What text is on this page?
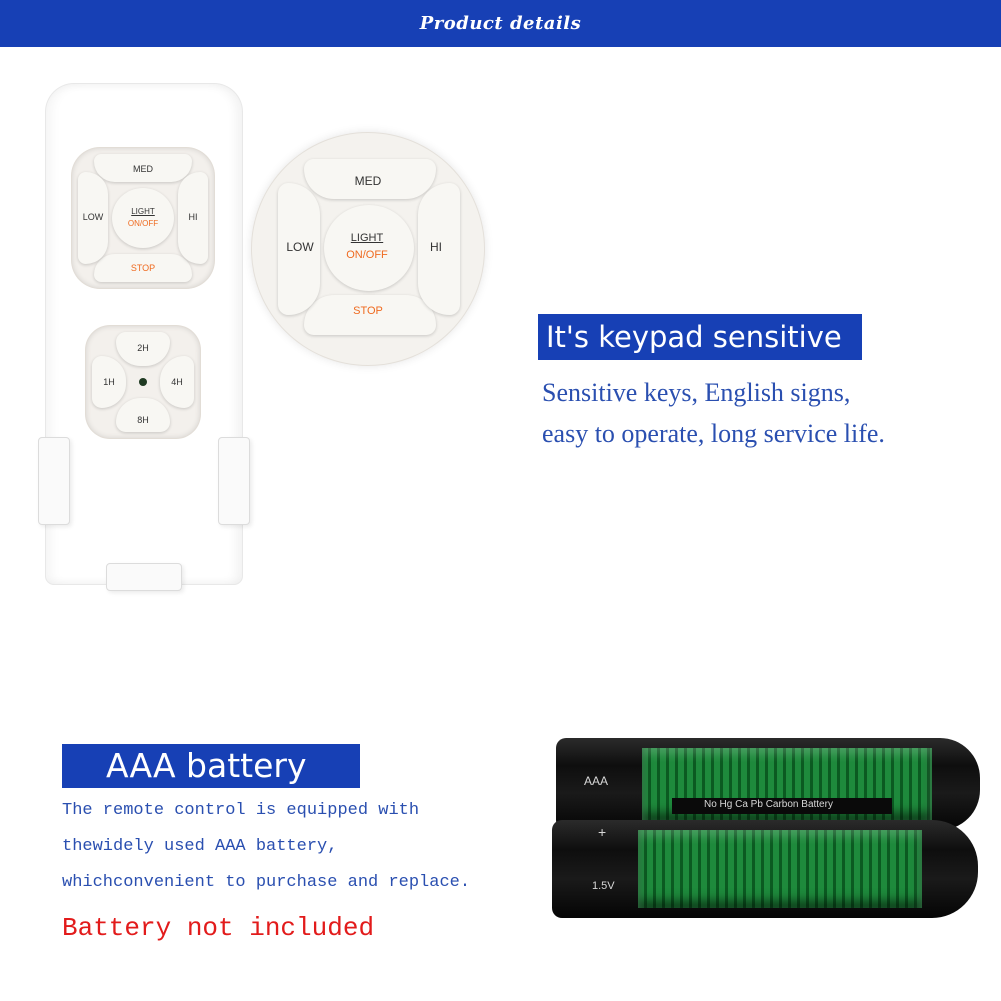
Product details
MED
STOP
LOW	HI
LIGHT
ON/OFF
2H
8H
1H	4H
MED
STOP
LOW	HI
LIGHT
ON/OFF
It's keypad sensitive
Sensitive keys, English signs,
easy to operate, long service life.
AAA battery
The remote control is equipped with
thewidely used AAA battery,
whichconvenient to purchase and replace.
Battery not included
AAA
No Hg Ca Pb Carbon Battery
+
1.5V
